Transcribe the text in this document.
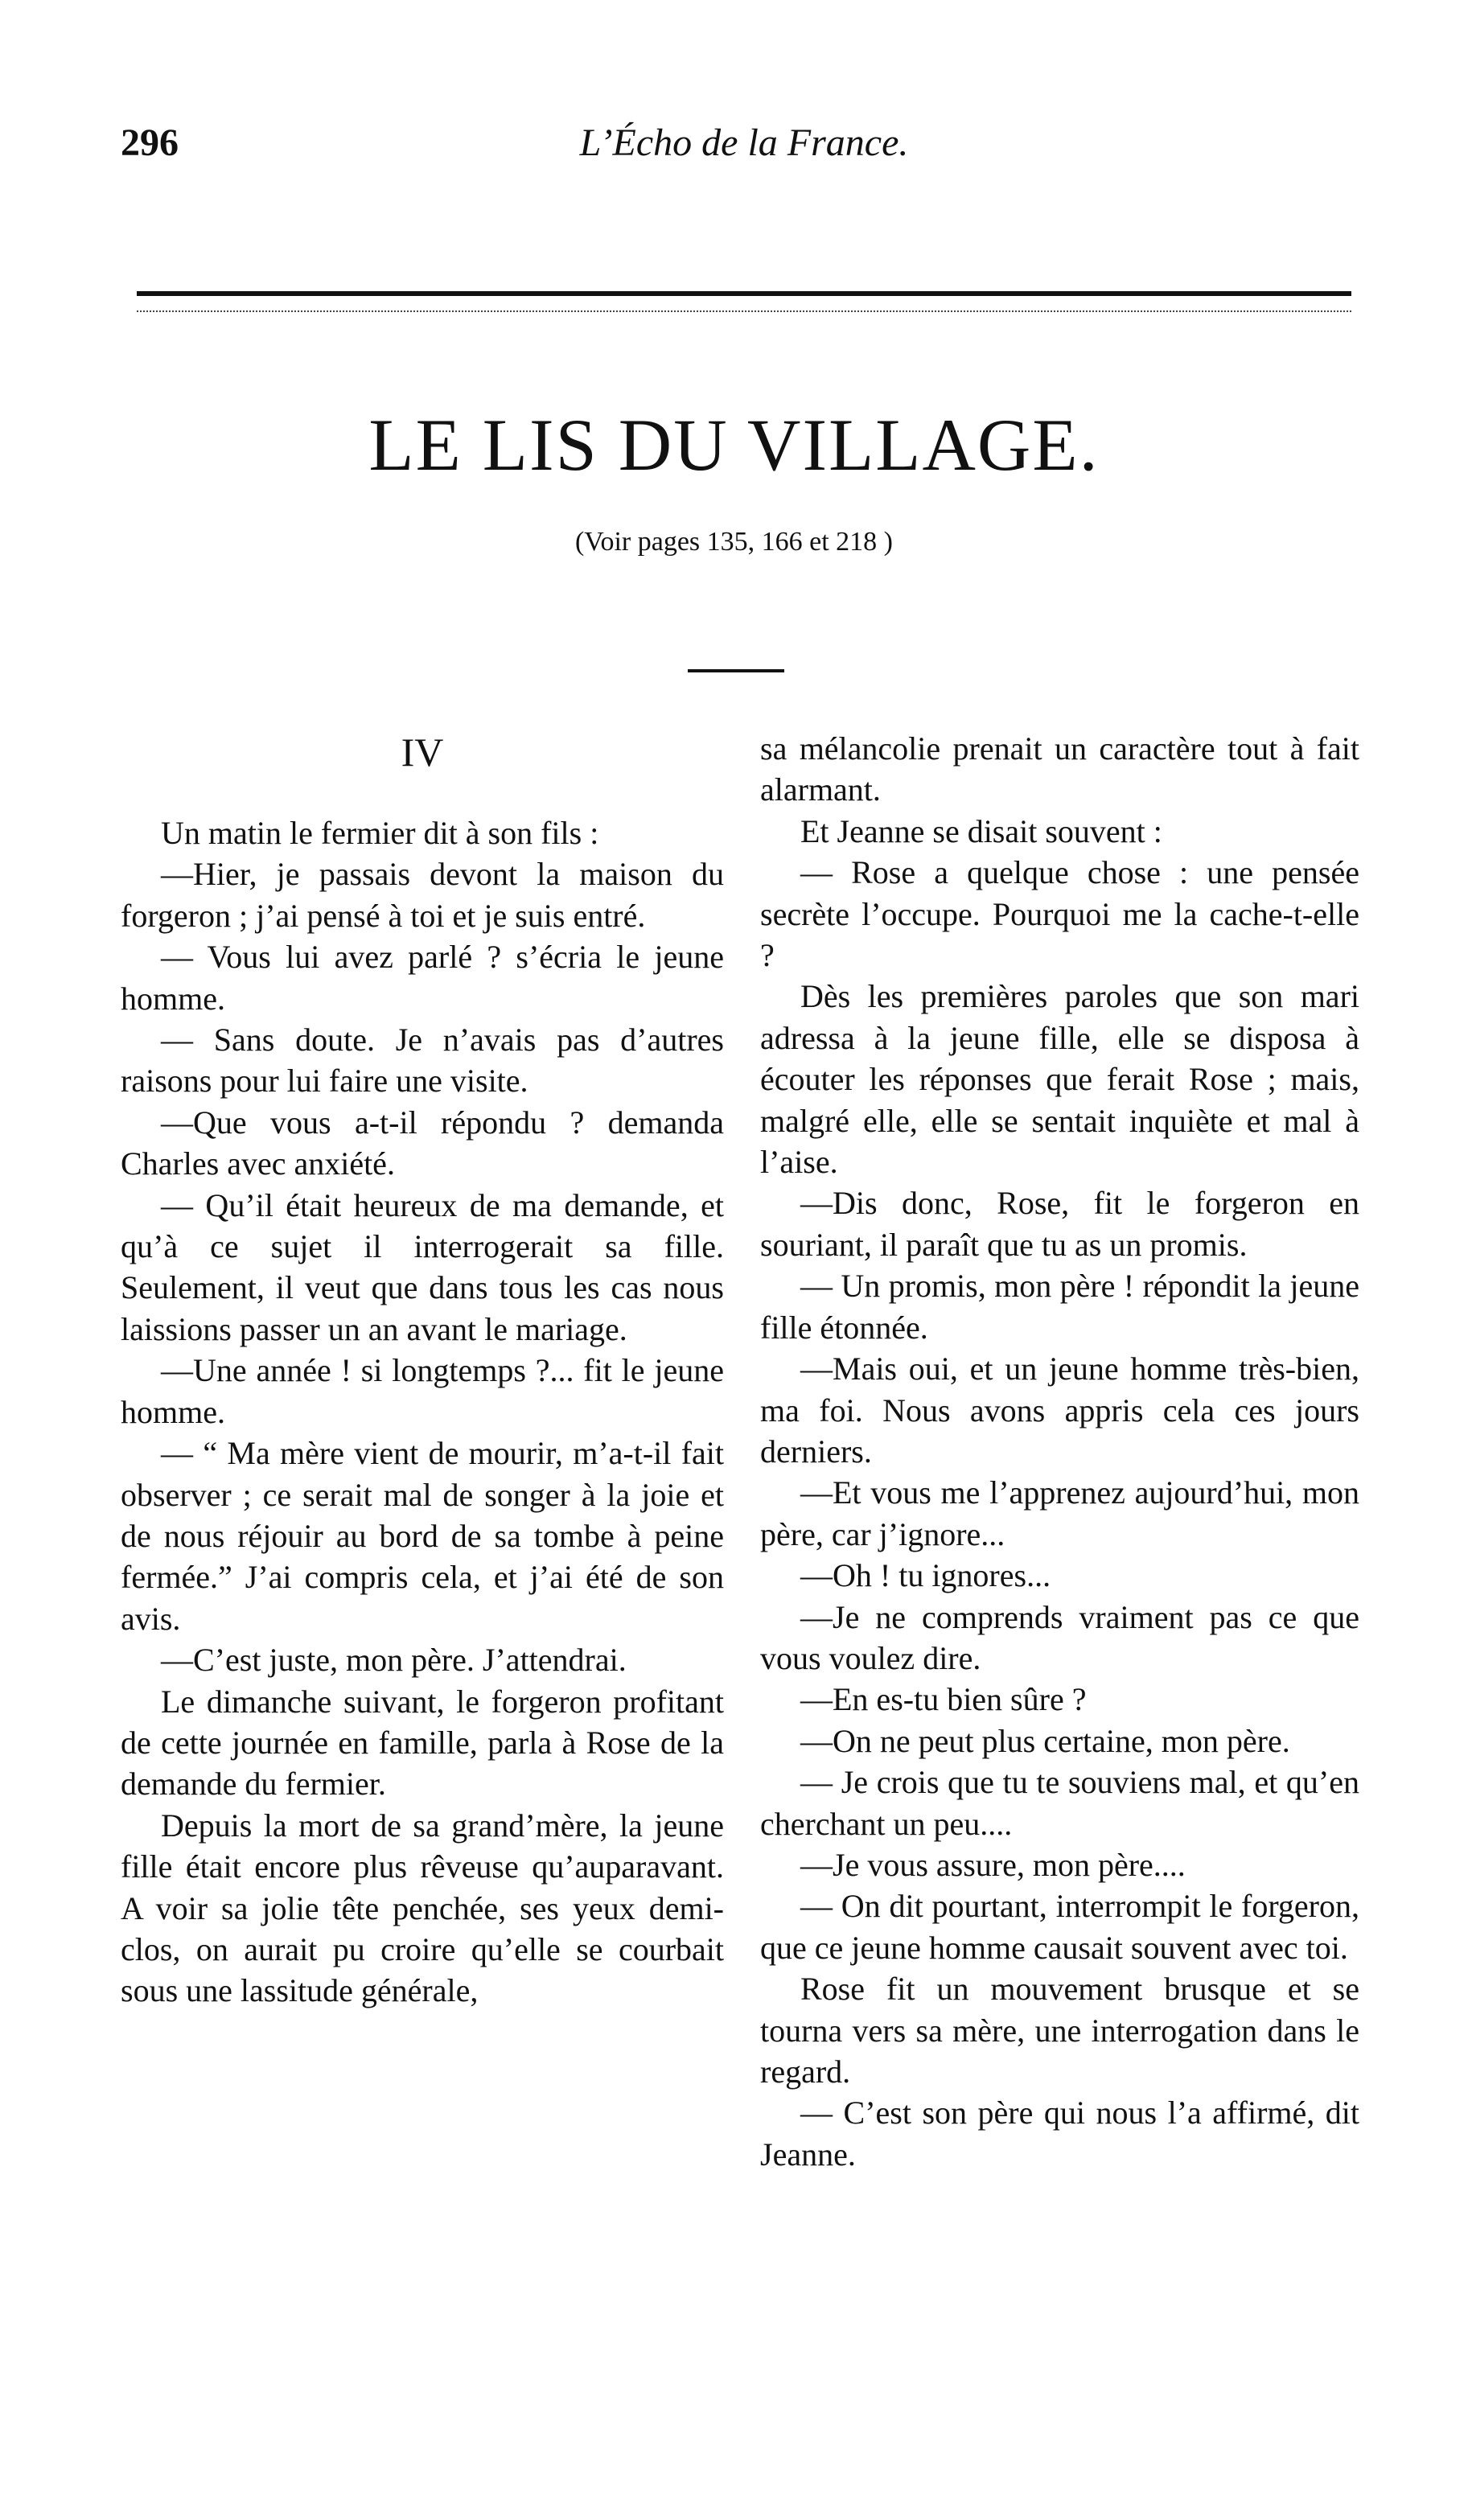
296	L’Écho de la France.
LE LIS DU VILLAGE.
(Voir pages 135, 166 et 218 )
IV

Un matin le fermier dit à son fils :

—Hier, je passais devont la maison du forgeron ; j’ai pensé à toi et je suis entré.

— Vous lui avez parlé ? s’écria le jeune homme.

— Sans doute. Je n’avais pas d’autres raisons pour lui faire une visite.

—Que vous a-t-il répondu ? demanda Charles avec anxiété.

— Qu’il était heureux de ma demande, et qu’à ce sujet il interrogerait sa fille. Seulement, il veut que dans tous les cas nous laissions passer un an avant le mariage.

—Une année ! si longtemps ?... fit le jeune homme.

— “ Ma mère vient de mourir, m’a-t-il fait observer ; ce serait mal de songer à la joie et de nous réjouir au bord de sa tombe à peine fermée.” J’ai compris cela, et j’ai été de son avis.

—C’est juste, mon père. J’attendrai.

Le dimanche suivant, le forgeron profitant de cette journée en famille, parla à Rose de la demande du fermier.

Depuis la mort de sa grand’mère, la jeune fille était encore plus rêveuse qu’auparavant. A voir sa jolie tête penchée, ses yeux demi-clos, on aurait pu croire qu’elle se courbait sous une lassitude générale,

sa mélancolie prenait un caractère tout à fait alarmant.

Et Jeanne se disait souvent :

— Rose a quelque chose : une pensée secrète l’occupe. Pourquoi me la cache-t-elle ?

Dès les premières paroles que son mari adressa à la jeune fille, elle se disposa à écouter les réponses que ferait Rose ; mais, malgré elle, elle se sentait inquiète et mal à l’aise.

—Dis donc, Rose, fit le forgeron en souriant, il paraît que tu as un promis.

— Un promis, mon père ! répondit la jeune fille étonnée.

—Mais oui, et un jeune homme très-bien, ma foi. Nous avons appris cela ces jours derniers.

—Et vous me l’apprenez aujourd’hui, mon père, car j’ignore...

—Oh ! tu ignores...

—Je ne comprends vraiment pas ce que vous voulez dire.

—En es-tu bien sûre ?

—On ne peut plus certaine, mon père.

— Je crois que tu te souviens mal, et qu’en cherchant un peu....

—Je vous assure, mon père....

— On dit pourtant, interrompit le forgeron, que ce jeune homme causait souvent avec toi.

Rose fit un mouvement brusque et se tourna vers sa mère, une interrogation dans le regard.

— C’est son père qui nous l’a affirmé, dit Jeanne.
